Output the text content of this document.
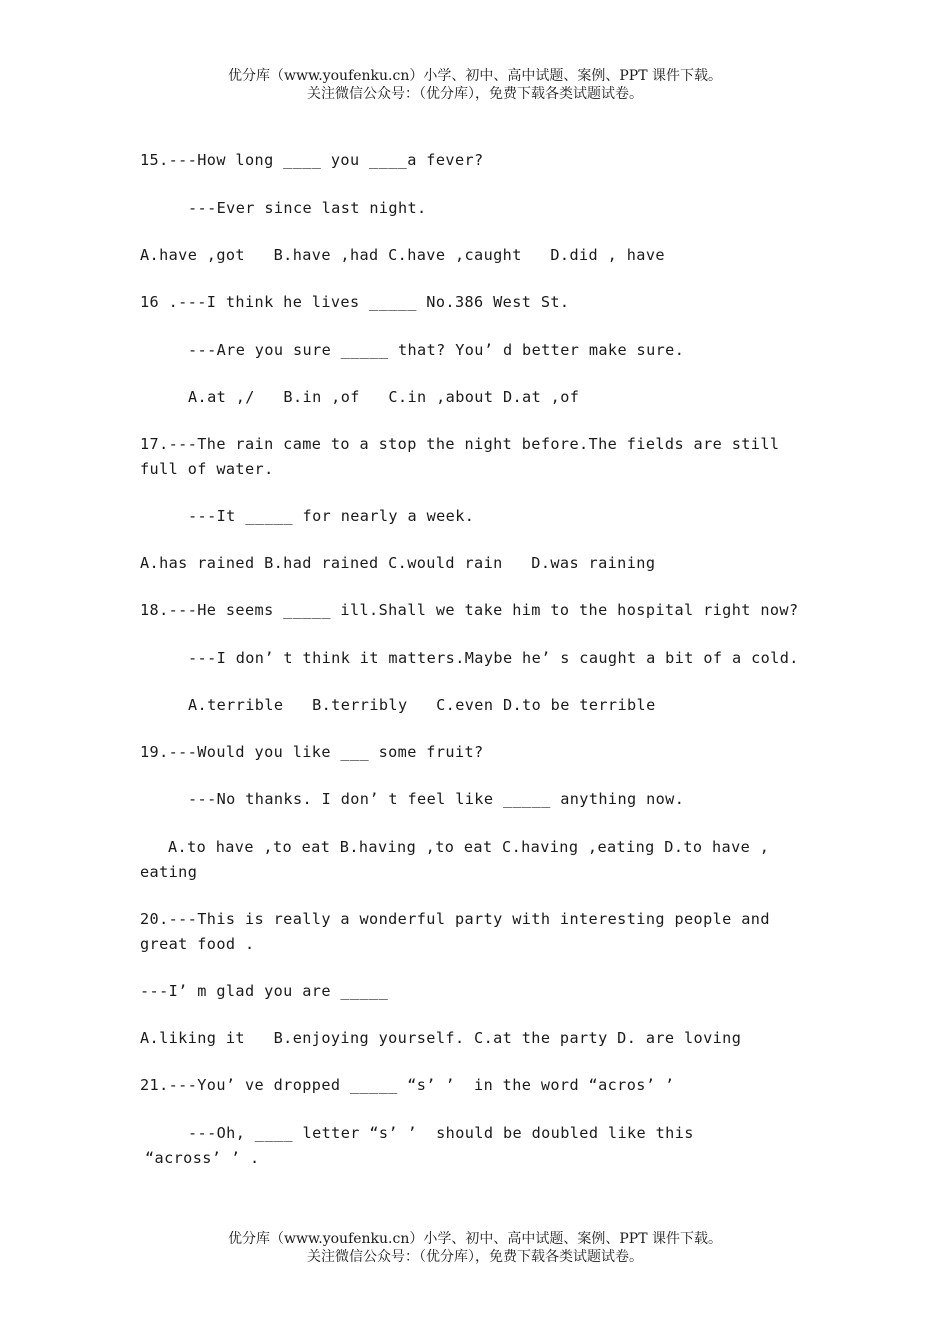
优分库（www.youfenku.cn）小学、初中、高中试题、案例、PPT 课件下载。
关注微信公众号：（优分库），免费下载各类试题试卷。
15.---How long ____ you ____a fever?
---Ever since last night.
A.have ,got   B.have ,had C.have ,caught   D.did , have
16 .---I think he lives _____ No.386 West St.
---Are you sure _____ that? You’ d better make sure.
A.at ,/   B.in ,of   C.in ,about D.at ,of
17.---The rain came to a stop the night before.The fields are still
full of water.
---It _____ for nearly a week.
A.has rained B.had rained C.would rain   D.was raining
18.---He seems _____ ill.Shall we take him to the hospital right now?
---I don’ t think it matters.Maybe he’ s caught a bit of a cold.
A.terrible   B.terribly   C.even D.to be terrible
19.---Would you like ___ some fruit?
---No thanks. I don’ t feel like _____ anything now.
A.to have ,to eat B.having ,to eat C.having ,eating D.to have ,
eating
20.---This is really a wonderful party with interesting people and
great food .
---I’ m glad you are _____
A.liking it   B.enjoying yourself. C.at the party D. are loving
21.---You’ ve dropped _____ “s’ ’  in the word “acros’ ’
---Oh, ____ letter “s’ ’  should be doubled like this
“across’ ’ .
优分库（www.youfenku.cn）小学、初中、高中试题、案例、PPT 课件下载。
关注微信公众号：（优分库），免费下载各类试题试卷。
